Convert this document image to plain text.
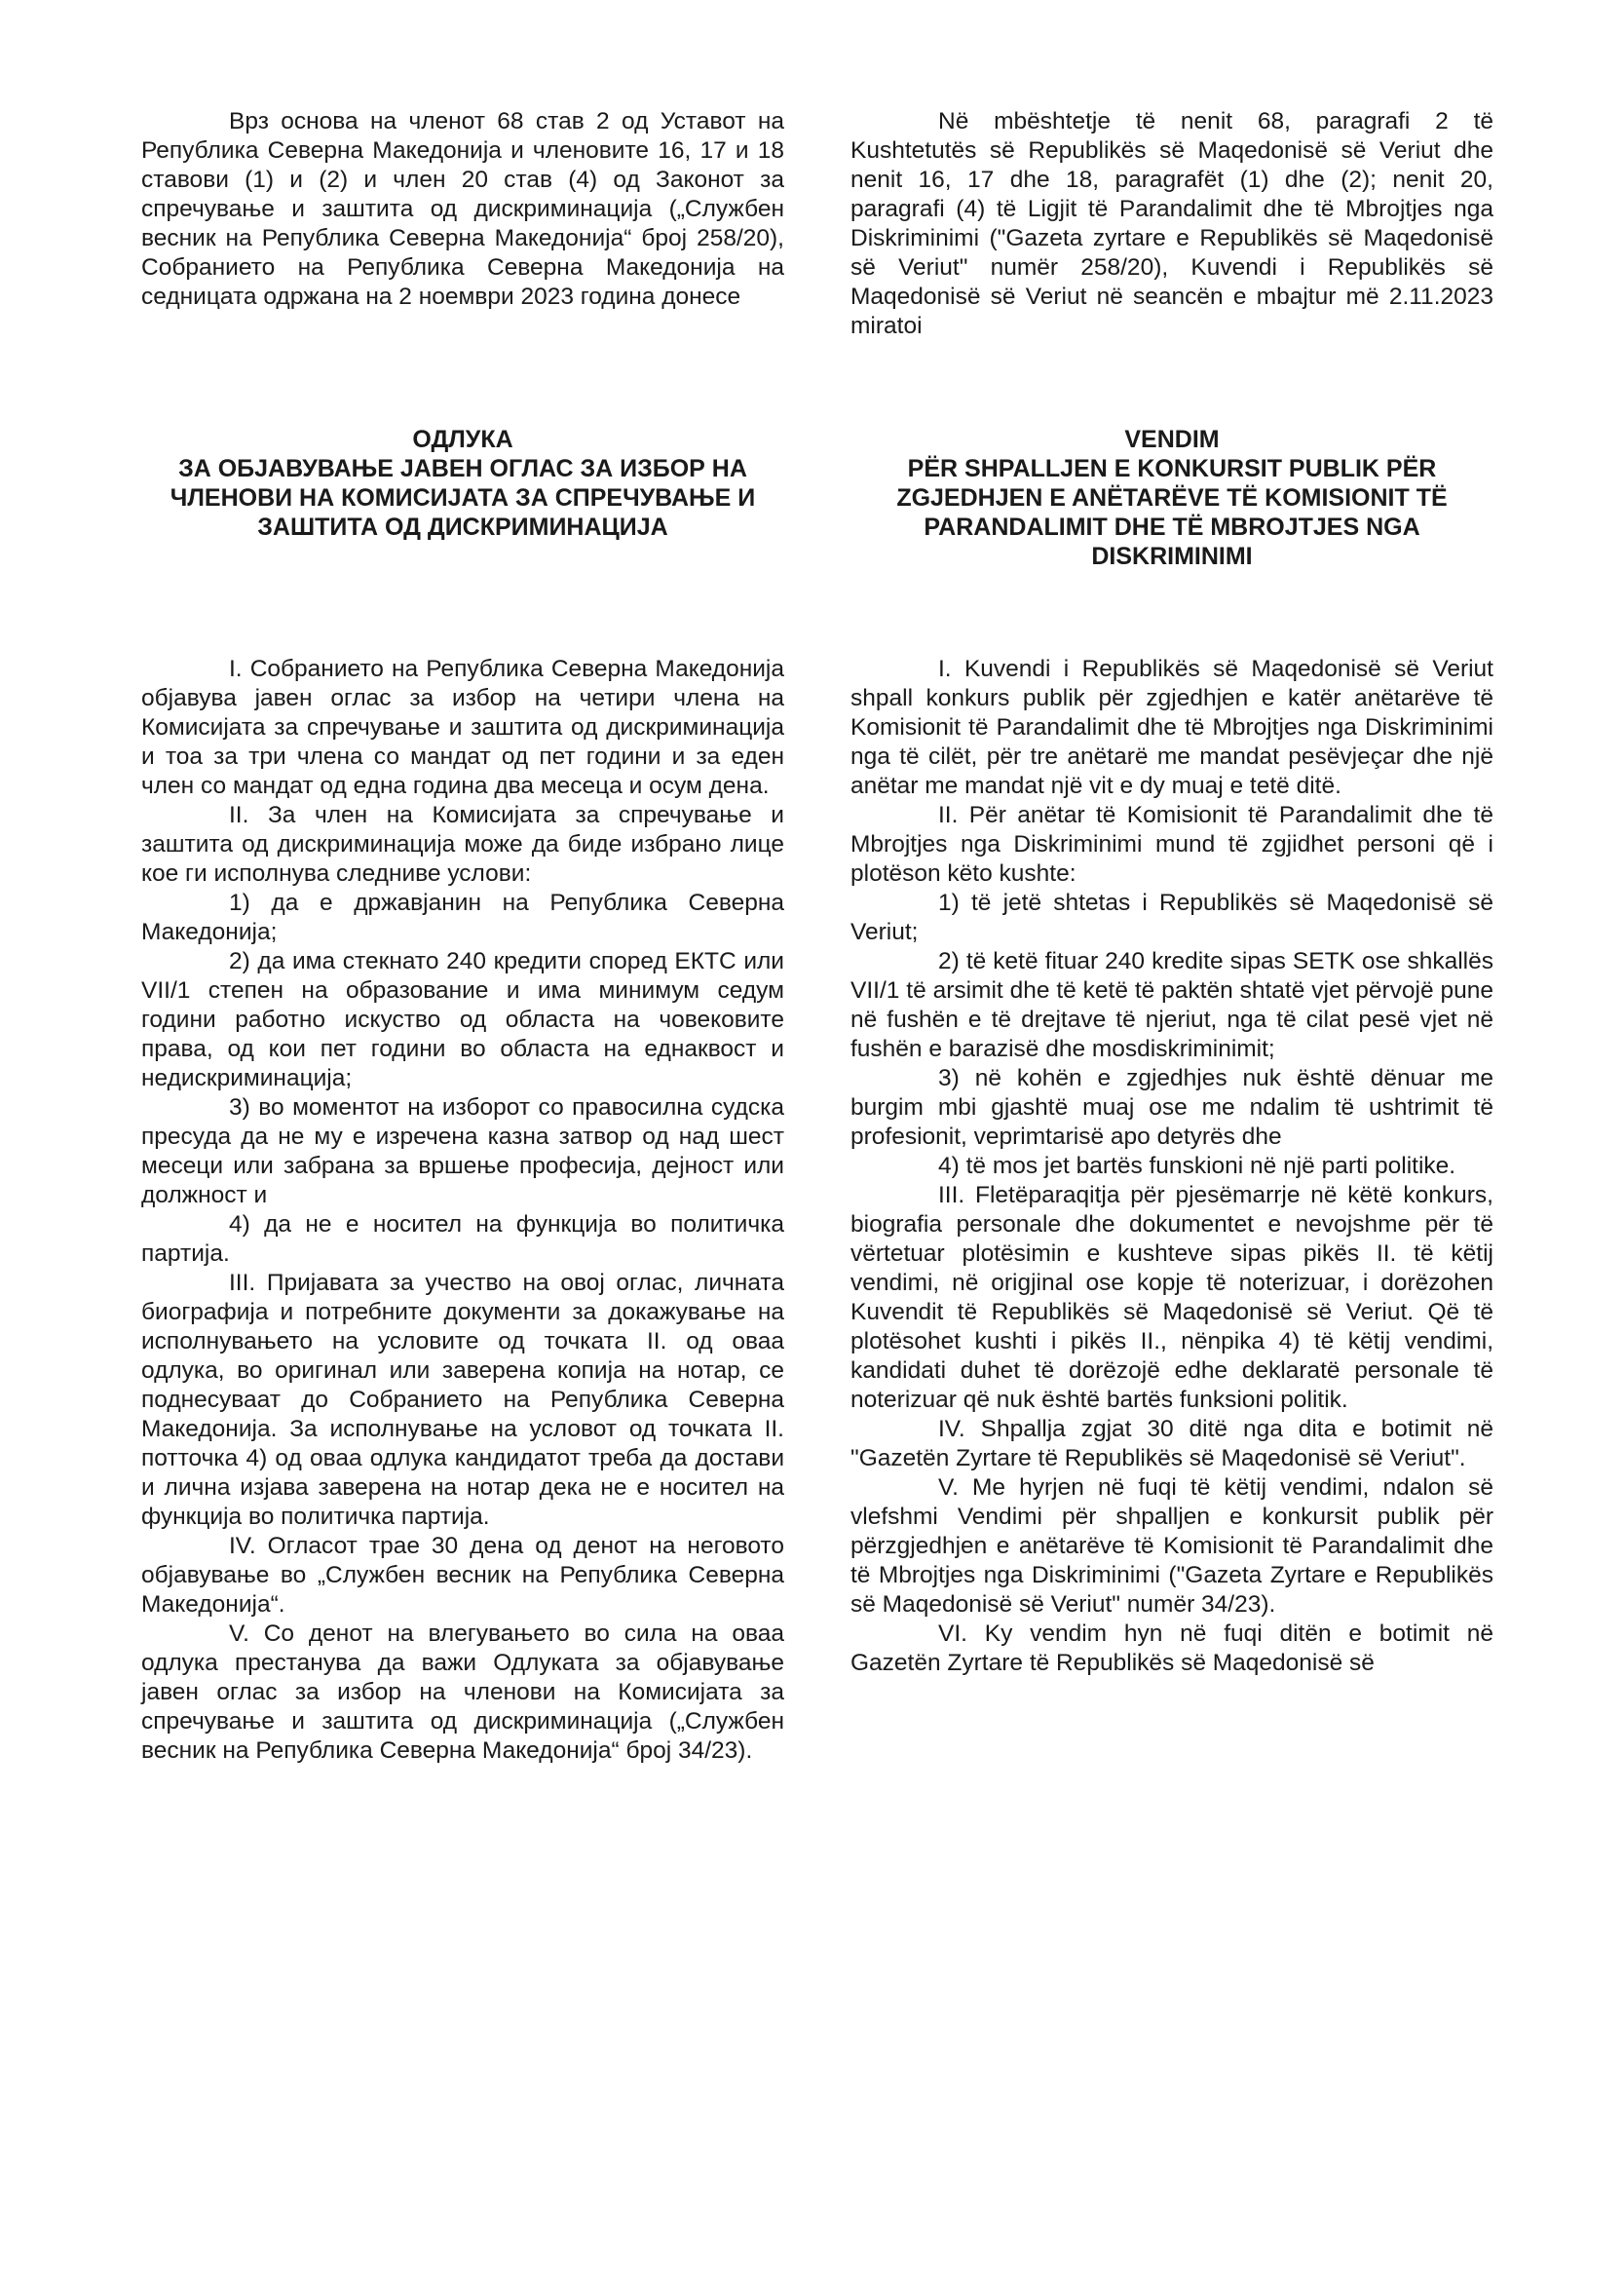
Врз основа на членот 68 став 2 од Уставот на Република Северна Македонија и членовите 16, 17 и 18 ставови (1) и (2) и член 20 став (4) од Законот за спречување и заштита од дискриминација („Службен весник на Република Северна Македонија“ број 258/20), Собранието на Република Северна Македонија на седницата одржана на 2 ноември 2023 година донесе

ОДЛУКА
ЗА ОБЈАВУВАЊЕ ЈАВЕН ОГЛАС ЗА ИЗБОР НА ЧЛЕНОВИ НА КОМИСИЈАТА ЗА СПРЕЧУВАЊЕ И ЗАШТИТА ОД ДИСКРИМИНАЦИЈА

I. Собранието на Република Северна Македонија објавува јавен оглас за избор на четири члена на Комисијата за спречување и заштита од дискриминација и тоа за три члена со мандат од пет години и за еден член со мандат од една година два месеца и осум дена.

II. За член на Комисијата за спречување и заштита од дискриминација може да биде избрано лице кое ги исполнува следниве услови:

1) да е државјанин на Република Северна Македонија;

2) да има стекнато 240 кредити според ЕКТС или VII/1 степен на образование и има минимум седум години работно искуство од областа на човековите права, од кои пет години во областа на еднаквост и недискриминација;

3) во моментот на изборот со правосилна судска пресуда да не му е изречена казна затвор од над шест месеци или забрана за вршење професија, дејност или должност и

4) да не е носител на функција во политичка партија.

III. Пријавата за учество на овој оглас, личната биографија и потребните документи за докажување на исполнувањето на условите од точката II. од оваа одлука, во оригинал или заверена копија на нотар, се поднесуваат до Собранието на Република Северна Македонија. За исполнување на условот од точката II. потточка 4) од оваа одлука кандидатот треба да достави и лична изјава заверена на нотар дека не е носител на функција во политичка партија.

IV. Огласот трае 30 дена од денот на неговото објавување во „Службен весник на Република Северна Македонија“.

V. Со денот на влегувањето во сила на оваа одлука престанува да важи Одлуката за објавување јавен оглас за избор на членови на Комисијата за спречување и заштита од дискриминација („Службен весник на Република Северна Македонија“ број 34/23).

Në mbështetje të nenit 68, paragrafi 2 të Kushtetutës së Republikës së Maqedonisë së Veriut dhe nenit 16, 17 dhe 18, paragrafët (1) dhe (2); nenit 20, paragrafi (4) të Ligjit të Parandalimit dhe të Mbrojtjes nga Diskriminimi ("Gazeta zyrtare e Republikës së Maqedonisë së Veriut" numër 258/20), Kuvendi i Republikës së Maqedonisë së Veriut në seancën e mbajtur më 2.11.2023 miratoi

VENDIM
PËR SHPALLJEN E KONKURSIT PUBLIK PËR ZGJEDHJEN E ANËTARËVE TË KOMISIONIT TË PARANDALIMIT DHE TË MBROJTJES NGA DISKRIMINIMI

I. Kuvendi i Republikës së Maqedonisë së Veriut shpall konkurs publik për zgjedhjen e katër anëtarëve të Komisionit të Parandalimit dhe të Mbrojtjes nga Diskriminimi nga të cilët, për tre anëtarë me mandat pesëvjeçar dhe një anëtar me mandat një vit e dy muaj e tetë ditë.

II. Për anëtar të Komisionit të Parandalimit dhe të Mbrojtjes nga Diskriminimi mund të zgjidhet personi që i plotëson këto kushte:

1) të jetë shtetas i Republikës së Maqedonisë së Veriut;

2) të ketë fituar 240 kredite sipas SETK ose shkallës VII/1 të arsimit dhe të ketë të paktën shtatë vjet përvojë pune në fushën e të drejtave të njeriut, nga të cilat pesë vjet në fushën e barazisë dhe mosdiskriminimit;

3) në kohën e zgjedhjes nuk është dënuar me burgim mbi gjashtë muaj ose me ndalim të ushtrimit të profesionit, veprimtarisë apo detyrës dhe

4) të mos jet bartës funskioni në një parti politike.

III. Fletëparaqitja për pjesëmarrje në këtë konkurs, biografia personale dhe dokumentet e nevojshme për të vërtetuar plotësimin e kushteve sipas pikës II. të këtij vendimi, në origjinal ose kopje të noterizuar, i dorëzohen Kuvendit të Republikës së Maqedonisë së Veriut. Që të plotësohet kushti i pikës II., nënpika 4) të këtij vendimi, kandidati duhet të dorëzojë edhe deklaratë personale të noterizuar që nuk është bartës funksioni politik.

IV. Shpallja zgjat 30 ditë nga dita e botimit në "Gazetën Zyrtare të Republikës së Maqedonisë së Veriut".

V. Me hyrjen në fuqi të këtij vendimi, ndalon së vlefshmi Vendimi për shpalljen e konkursit publik për përzgjedhjen e anëtarëve të Komisionit të Parandalimit dhe të Mbrojtjes nga Diskriminimi ("Gazeta Zyrtare e Republikës së Maqedonisë së Veriut" numër 34/23).

VI. Ky vendim hyn në fuqi ditën e botimit në Gazetën Zyrtare të Republikës së Maqedonisë së
